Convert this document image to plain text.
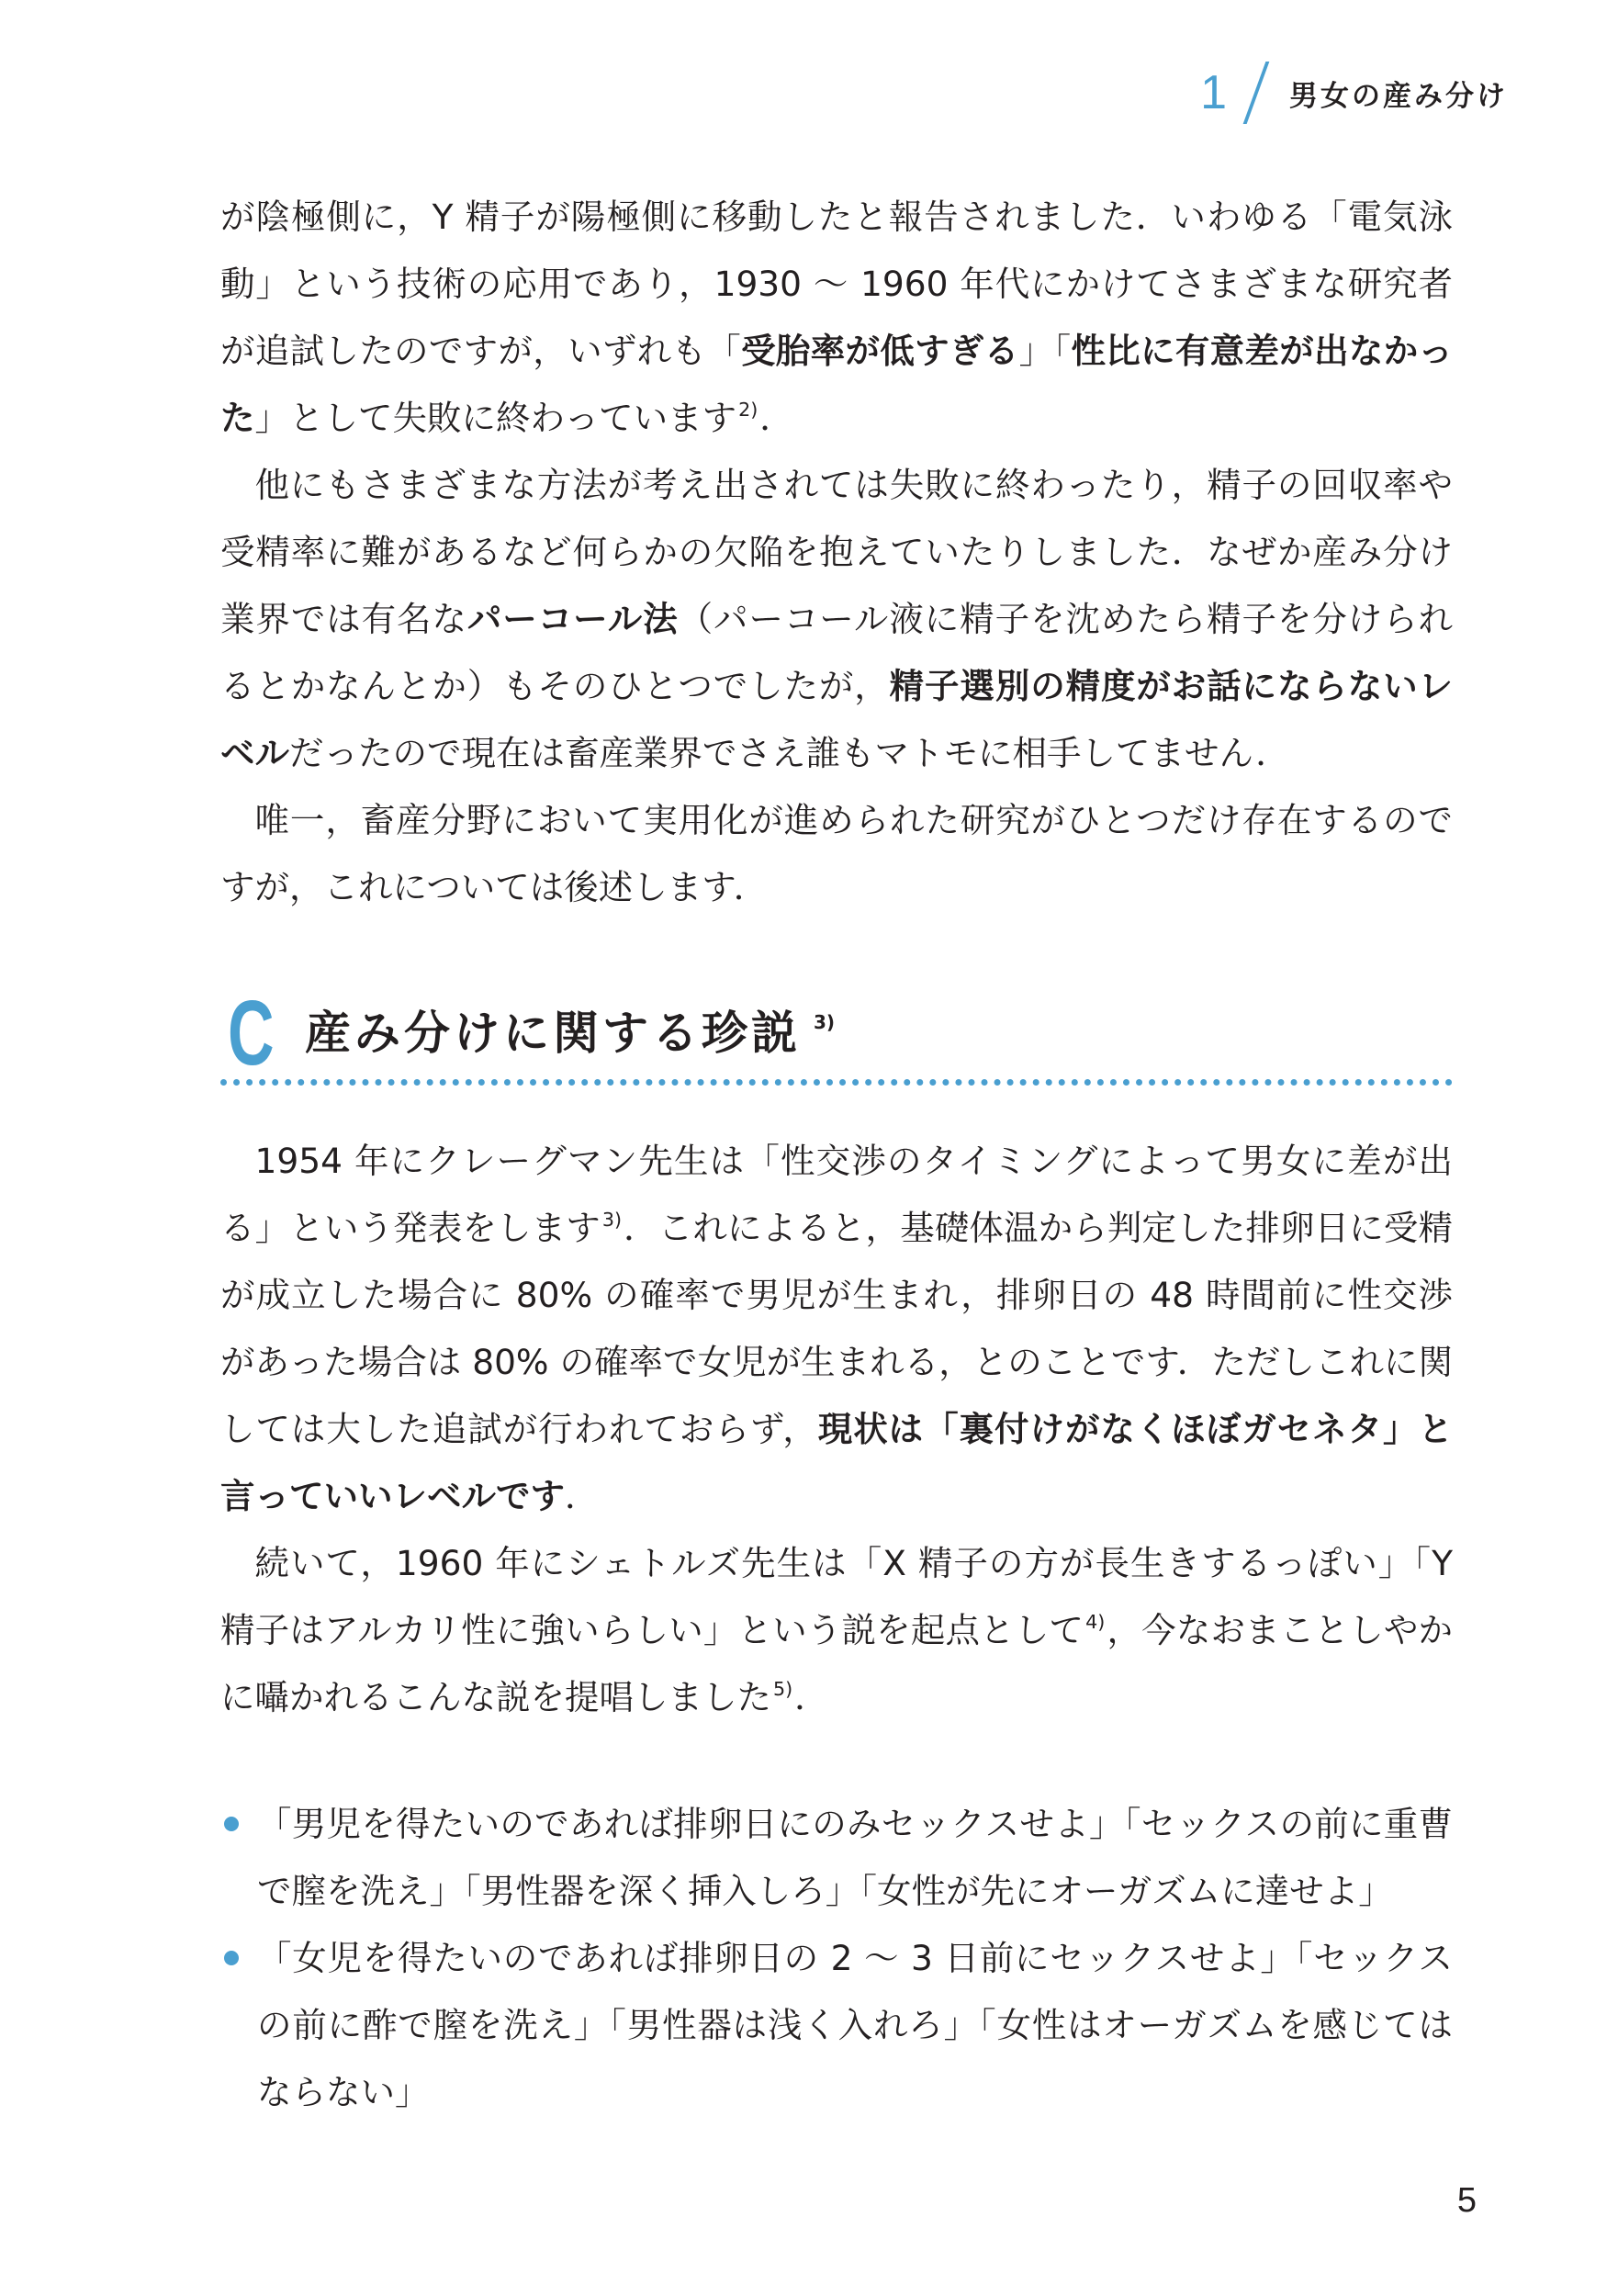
1 男女の産み分け

が陰極側に，Y 精子が陽極側に移動したと報告されました．いわゆる「電気泳動」という技術の応用であり，1930 ～ 1960 年代にかけてさまざまな研究者が追試したのですが，いずれも「受胎率が低すぎる」「性比に有意差が出なかった」として失敗に終わっています$^{2)}$．

他にもさまざまな方法が考え出されては失敗に終わったり，精子の回収率や受精率に難があるなど何らかの欠陥を抱えていたりしました．なぜか産み分け業界では有名なパーコール法（パーコール液に精子を沈めたら精子を分けられるとかなんとか）もそのひとつでしたが，精子選別の精度がお話にならないレベルだったので現在は畜産業界でさえ誰もマトモに相手してません．

唯一，畜産分野において実用化が進められた研究がひとつだけ存在するのですが，これについては後述します．

C 産み分けに関する珍説 $^{3)}$

1954 年にクレーグマン先生は「性交渉のタイミングによって男女に差が出る」という発表をします$^{3)}$．これによると，基礎体温から判定した排卵日に受精が成立した場合に 80% の確率で男児が生まれ，排卵日の 48 時間前に性交渉があった場合は 80% の確率で女児が生まれる，とのことです．ただしこれに関しては大した追試が行われておらず，現状は「裏付けがなくほぼガセネタ」と言っていいレベルです．

続いて，1960 年にシェトルズ先生は「X 精子の方が長生きするっぽい」「Y 精子はアルカリ性に強いらしい」という説を起点として$^{4)}$，今なおまことしやかに囁かれるこんな説を提唱しました$^{5)}$．

「男児を得たいのであれば排卵日にのみセックスせよ」「セックスの前に重曹で膣を洗え」「男性器を深く挿入しろ」「女性が先にオーガズムに達せよ」
「女児を得たいのであれば排卵日の 2 ～ 3 日前にセックスせよ」「セックスの前に酢で膣を洗え」「男性器は浅く入れろ」「女性はオーガズムを感じてはならない」
5
